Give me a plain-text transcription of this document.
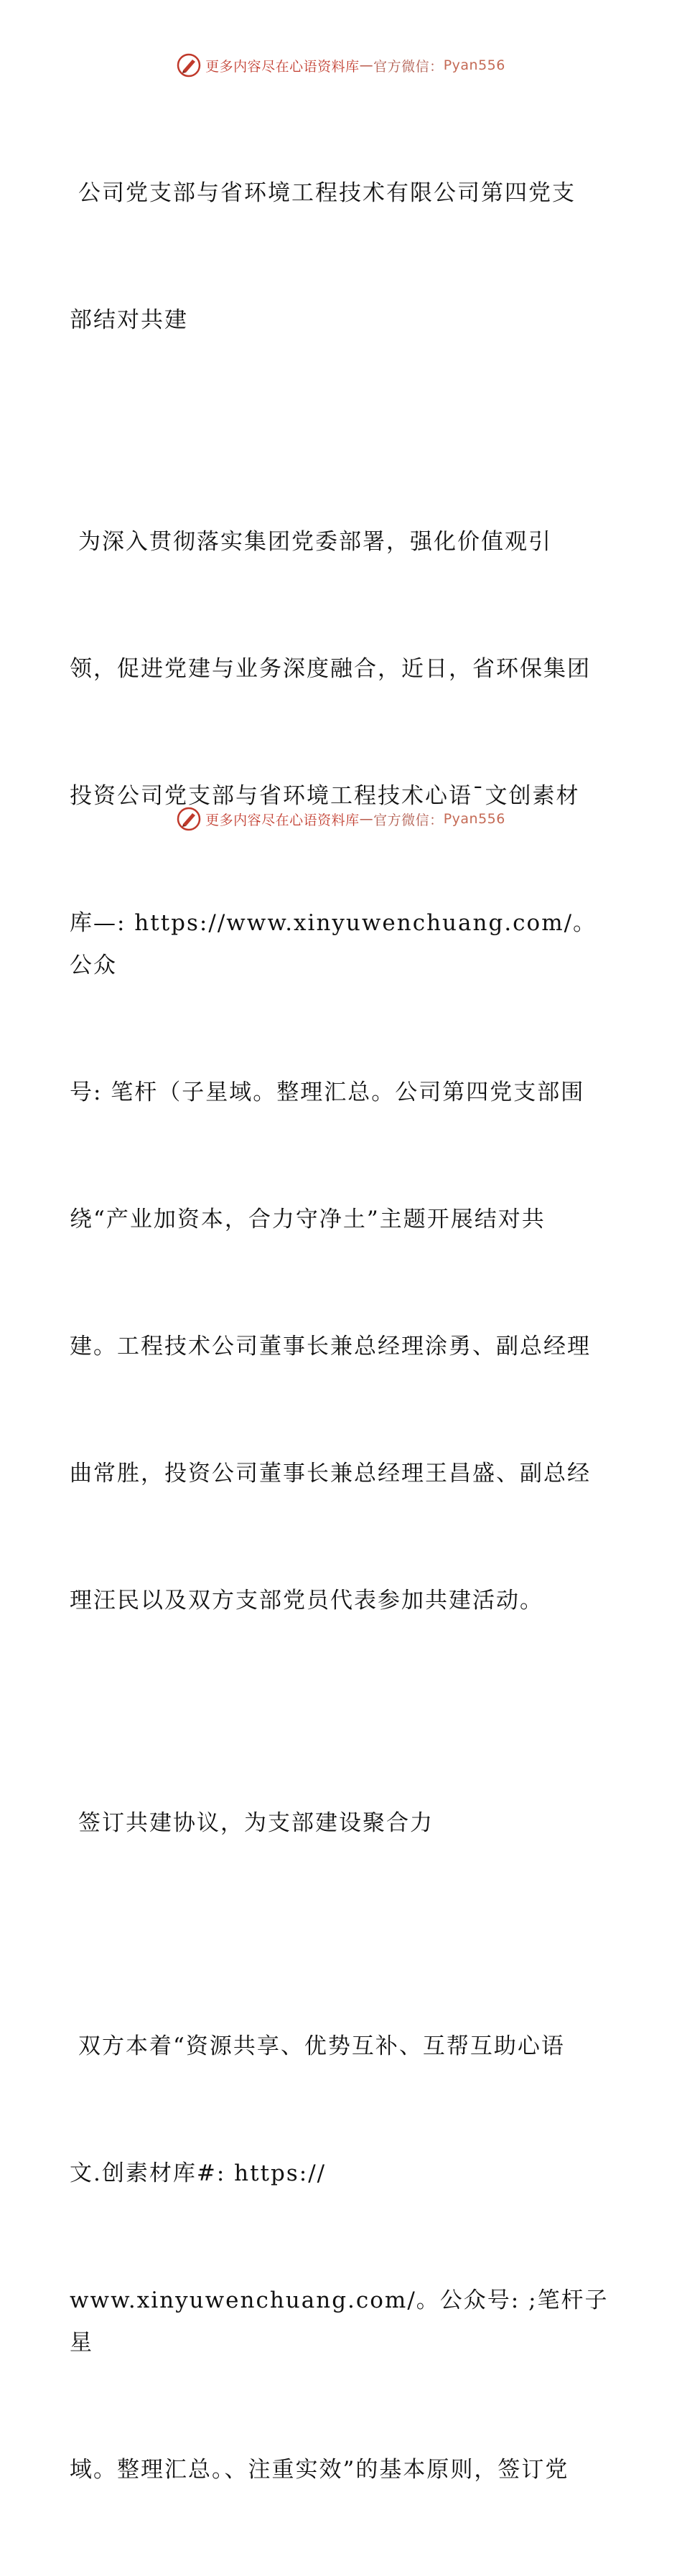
更多内容尽在心语资料库 — 官方微信： Pyan556

公司党支部与省环境工程技术有限公司第四党支

部结对共建

为深入贯彻落实集团党委部署，强化价值观引

领，促进党建与业务深度融合，近日，省环保集团

投资公司党支部与省环境工程技术心语¯文创素材

库—: https://www.xinyuwenchuang.com/。公众

号: 笔杆（子星域。整理汇总。公司第四党支部围

绕“产业加资本，合力守净土”主题开展结对共

建。工程技术公司董事长兼总经理涂勇、副总经理

曲常胜，投资公司董事长兼总经理王昌盛、副总经

理汪民以及双方支部党员代表参加共建活动。

签订共建协议，为支部建设聚合力

双方本着“资源共享、优势互补、互帮互助心语

文.创素材库#: https://

www.xinyuwenchuang.com/。公众号: ;笔杆子星

域。整理汇总。、注重实效”的基本原则，签订党

更多内容尽在心语资料库 — 官方微信： Pyan556
